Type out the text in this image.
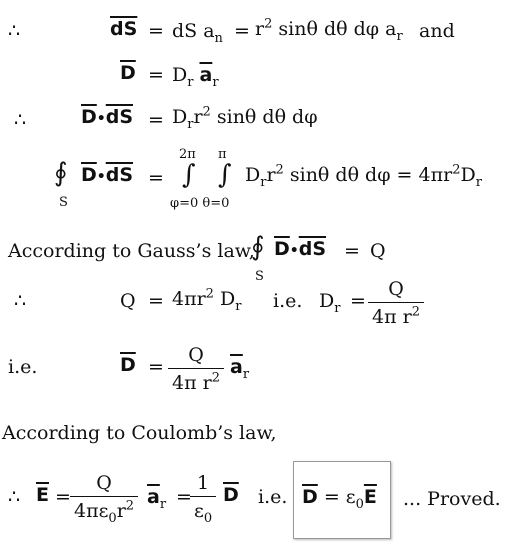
∴	$\overline{dS}$ = dS $a_n = r^2$ sinθ dθ dφ $a_r$ and
$\overline{D} = D_r$ $\overline{a}_r$
∴	$\overline{D}•\overline{dS} = D_rr^2$ sinθ dθ dφ
∮
S
$\overline{D}•\overline{dS}$ =
2π π
∫ ∫
φ=0 θ=0
$D_rr^2$ sinθ dθ $d\varphi = 4\pi r^2D_r$
According to Gauss’s law,
∮
S
$\overline{D}•\overline{dS} = Q$
∴	$Q = 4\pi r^2$ $D_r$ i.e. $D_r = \frac{Q}{4\pi r^2}$
i.e.	$\overline{D} = \frac{Q}{4\pi r^2} \overline{a}_r$
According to Coulomb’s law,
∴ $\overline{E} = \frac{Q}{4\pi\varepsilon_0r^2} \overline{a}_r$ =
$\frac{1}{\varepsilon_0} \overline{D}$ i.e. $\overline{D} = \varepsilon_0\overline{E}$ ... Proved.
